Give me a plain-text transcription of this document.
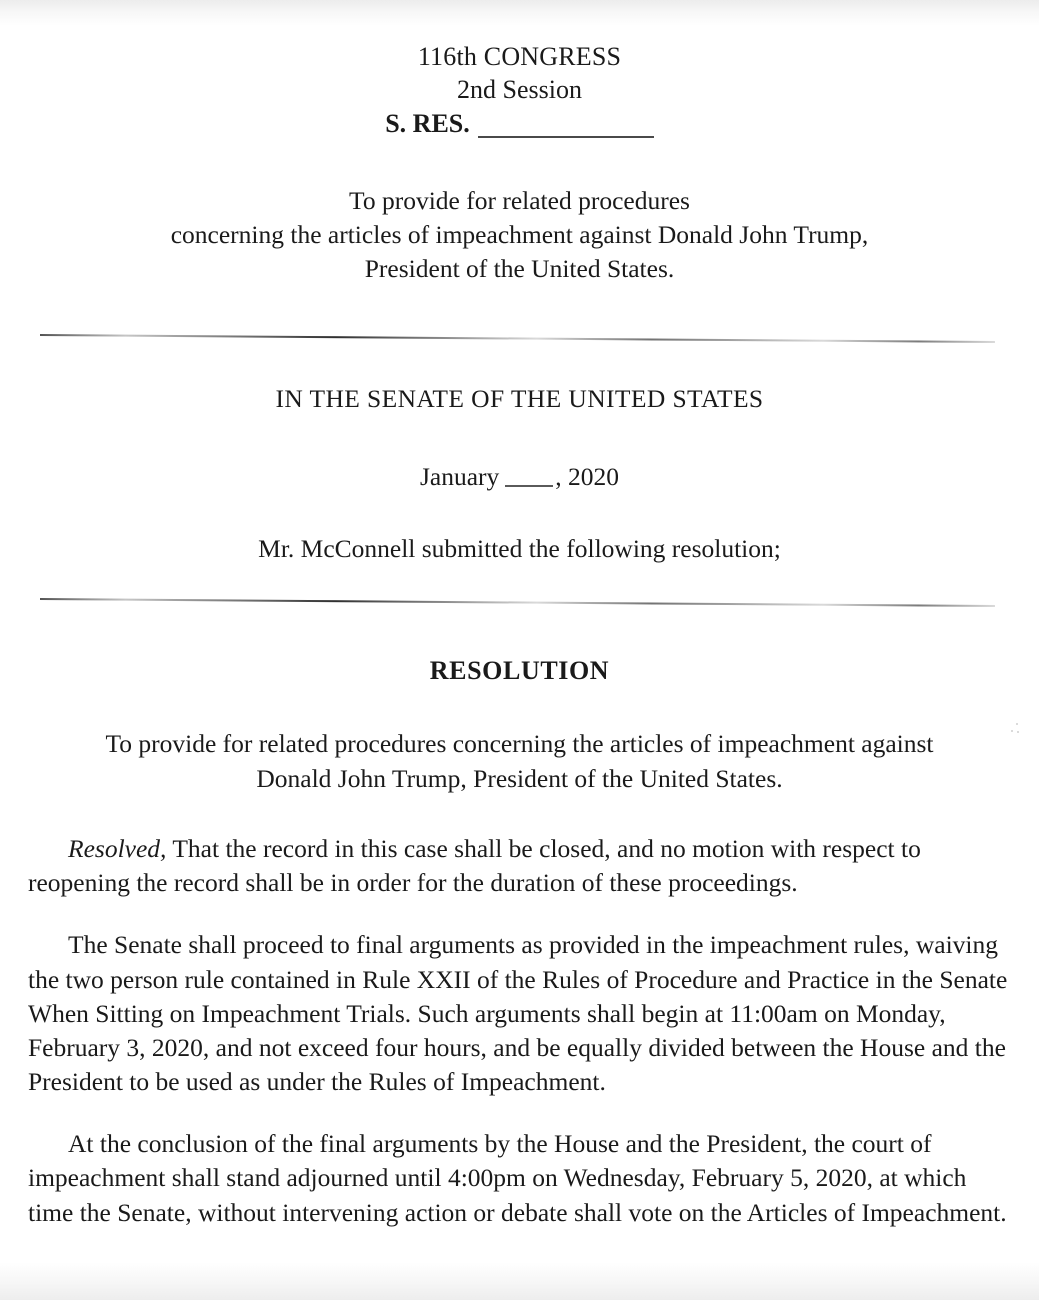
116th CONGRESS
2nd Session
S. RES.
To provide for related procedures
concerning the articles of impeachment against Donald John Trump,
President of the United States.
IN THE SENATE OF THE UNITED STATES
January , 2020
Mr. McConnell submitted the following resolution;
RESOLUTION
To provide for related procedures concerning the articles of impeachment against
Donald John Trump, President of the United States.

Resolved, That the record in this case shall be closed, and no motion with respect to reopening the record shall be in order for the duration of these proceedings.

The Senate shall proceed to final arguments as provided in the impeachment rules, waiving the two person rule contained in Rule XXII of the Rules of Procedure and Practice in the Senate When Sitting on Impeachment Trials. Such arguments shall begin at 11:00am on Monday, February 3, 2020, and not exceed four hours, and be equally divided between the House and the President to be used as under the Rules of Impeachment.

At the conclusion of the final arguments by the House and the President, the court of impeachment shall stand adjourned until 4:00pm on Wednesday, February 5, 2020, at which time the Senate, without intervening action or debate shall vote on the Articles of Impeachment.
